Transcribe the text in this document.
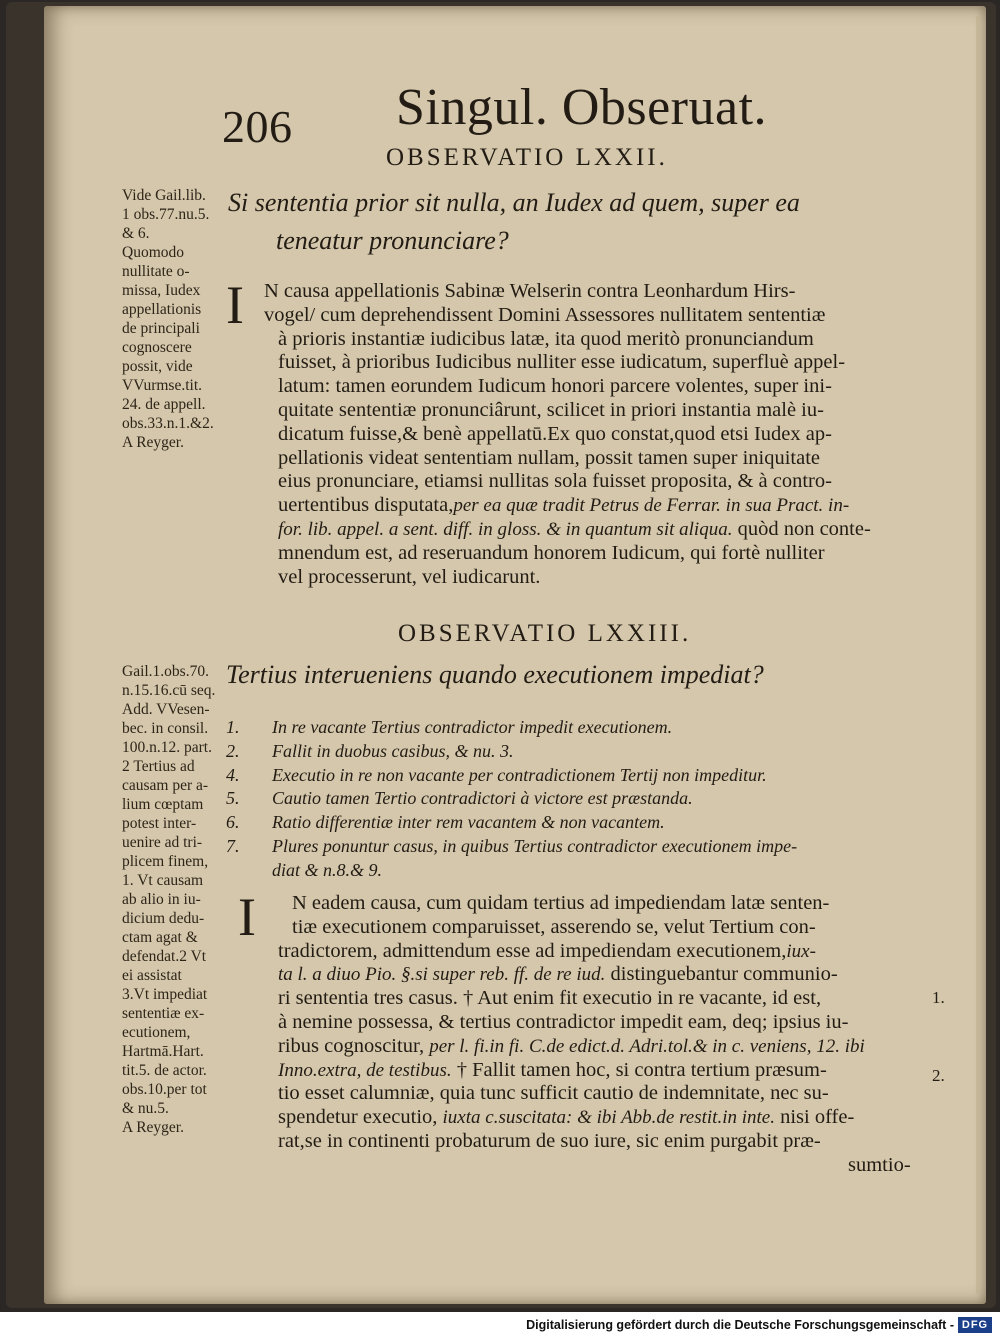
206 Singul. Obseruat.
OBSERVATIO LXXII.
Vide Gail.lib.
1 obs.77.nu.5.
& 6.
Quomodo
nullitate o-
missa, Iudex
appellationis
de principali
cognoscere
possit, vide
VVurmse.tit.
24. de appell.
obs.33.n.1.&2.
A Reyger.
Si sententia prior sit nulla, an Iudex ad quem, super ea
teneatur pronunciare?
I N causa appellationis Sabinæ Welserin contra Leonhardum Hirs-
vogel/ cum deprehendissent Domini Assessores nullitatem sententiæ
à prioris instantiæ iudicibus latæ, ita quod meritò pronunciandum
fuisset, à prioribus Iudicibus nulliter esse iudicatum, superfluè appel-
latum: tamen eorundem Iudicum honori parcere volentes, super ini-
quitate sententiæ pronunciârunt, scilicet in priori instantia malè iu-
dicatum fuisse,& benè appellatū.Ex quo constat,quod etsi Iudex ap-
pellationis videat sententiam nullam, possit tamen super iniquitate
eius pronunciare, etiamsi nullitas sola fuisset proposita, & à contro-
uertentibus disputata,per ea quæ tradit Petrus de Ferrar. in sua Pract. in-
for. lib. appel. a sent. diff. in gloss. & in quantum sit aliqua. quòd non conte-
mnendum est, ad reseruandum honorem Iudicum, qui fortè nulliter
vel processerunt, vel iudicarunt.
OBSERVATIO LXXIII.
Gail.1.obs.70.
n.15.16.cū seq.
Add. VVesen-
bec. in consil.
100.n.12. part.
2 Tertius ad
causam per a-
lium cœptam
potest inter-
uenire ad tri-
plicem finem,
1. Vt causam
ab alio in iu-
dicium dedu-
ctam agat &
defendat.2 Vt
ei assistat
3.Vt impediat
sententiæ ex-
ecutionem,
Hartmā.Hart.
tit.5. de actor.
obs.10.per tot
& nu.5.
A Reyger.
Tertius interueniens quando executionem impediat?
1. In re vacante Tertius contradictor impedit executionem.
2. Fallit in duobus casibus, & nu. 3.
4. Executio in re non vacante per contradictionem Tertij non impeditur.
5. Cautio tamen Tertio contradictori à victore est præstanda.
6. Ratio differentiæ inter rem vacantem & non vacantem.
7. Plures ponuntur casus, in quibus Tertius contradictor executionem impe-
diat & n.8.& 9.
I	N eadem causa, cum quidam tertius ad impediendam latæ senten-
tiæ executionem comparuisset, asserendo se, velut Tertium con-
tradictorem, admittendum esse ad impediendam executionem,iux-
ta l. a diuo Pio. §.si super reb. ff. de re iud. distinguebantur communio-
ri sententia tres casus. † Aut enim fit executio in re vacante, id est,
à nemine possessa, & tertius contradictor impedit eam, deq; ipsius iu-
ribus cognoscitur, per l. fi.in fi. C.de edict.d. Adri.tol.& in c. veniens, 12. ibi
Inno.extra, de testibus. † Fallit tamen hoc, si contra tertium præsum-
tio esset calumniæ, quia tunc sufficit cautio de indemnitate, nec su-
spendetur executio, iuxta c.suscitata: & ibi Abb.de restit.in inte. nisi offe-
rat,se in continenti probaturum de suo iure, sic enim purgabit præ-
sumtio-
1.
2.
Digitalisierung gefördert durch die Deutsche Forschungsgemeinschaft - DFG
